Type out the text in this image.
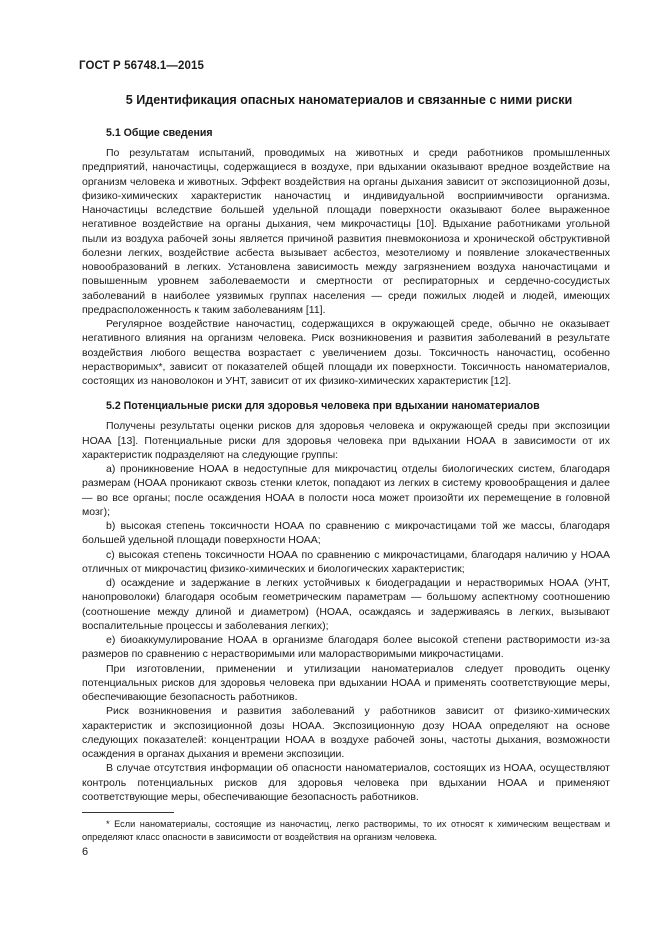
ГОСТ Р 56748.1—2015
5 Идентификация опасных наноматериалов и связанные с ними риски
5.1 Общие сведения

По результатам испытаний, проводимых на животных и среди работников промышленных предприятий, наночастицы, содержащиеся в воздухе, при вдыхании оказывают вредное воздействие на организм человека и животных. Эффект воздействия на органы дыхания зависит от экспозиционной дозы, физико-химических характеристик наночастиц и индивидуальной восприимчивости организма. Наночастицы вследствие большей удельной площади поверхности оказывают более выраженное негативное воздействие на органы дыхания, чем микрочастицы [10]. Вдыхание работниками угольной пыли из воздуха рабочей зоны является причиной развития пневмокониоза и хронической обструктивной болезни легких, воздействие асбеста вызывает асбестоз, мезотелиому и появление злокачественных новообразований в легких. Установлена зависимость между загрязнением воздуха наночастицами и повышенным уровнем заболеваемости и смертности от респираторных и сердечно-сосудистых заболеваний в наиболее уязвимых группах населения — среди пожилых людей и людей, имеющих предрасположенность к таким заболеваниям [11].

Регулярное воздействие наночастиц, содержащихся в окружающей среде, обычно не оказывает негативного влияния на организм человека. Риск возникновения и развития заболеваний в результате воздействия любого вещества возрастает с увеличением дозы. Токсичность наночастиц, особенно нерастворимых*, зависит от показателей общей площади их поверхности. Токсичность наноматериалов, состоящих из нановолокон и УНТ, зависит от их физико-химических характеристик [12].

5.2 Потенциальные риски для здоровья человека при вдыхании наноматериалов

Получены результаты оценки рисков для здоровья человека и окружающей среды при экспозиции НОАА [13]. Потенциальные риски для здоровья человека при вдыхании НОАА в зависимости от их характеристик подразделяют на следующие группы:

a) проникновение НОАА в недоступные для микрочастиц отделы биологических систем, благодаря размерам (НОАА проникают сквозь стенки клеток, попадают из легких в систему кровообращения и далее — во все органы; после осаждения НОАА в полости носа может произойти их перемещение в головной мозг);

b) высокая степень токсичности НОАА по сравнению с микрочастицами той же массы, благодаря большей удельной площади поверхности НОАА;

c) высокая степень токсичности НОАА по сравнению с микрочастицами, благодаря наличию у НОАА отличных от микрочастиц физико-химических и биологических характеристик;

d) осаждение и задержание в легких устойчивых к биодеградации и нерастворимых НОАА (УНТ, нанопроволоки) благодаря особым геометрическим параметрам — большому аспектному соотношению (соотношение между длиной и диаметром) (НОАА, осаждаясь и задерживаясь в легких, вызывают воспалительные процессы и заболевания легких);

e) биоаккумулирование НОАА в организме благодаря более высокой степени растворимости из-за размеров по сравнению с нерастворимыми или малорастворимыми микрочастицами.

При изготовлении, применении и утилизации наноматериалов следует проводить оценку потенциальных рисков для здоровья человека при вдыхании НОАА и применять соответствующие меры, обеспечивающие безопасность работников.

Риск возникновения и развития заболеваний у работников зависит от физико-химических характеристик и экспозиционной дозы НОАА. Экспозиционную дозу НОАА определяют на основе следующих показателей: концентрации НОАА в воздухе рабочей зоны, частоты дыхания, возможности осаждения в органах дыхания и времени экспозиции.

В случае отсутствия информации об опасности наноматериалов, состоящих из НОАА, осуществляют контроль потенциальных рисков для здоровья человека при вдыхании НОАА и применяют соответствующие меры, обеспечивающие безопасность работников.

* Если наноматериалы, состоящие из наночастиц, легко растворимы, то их относят к химическим веществам и определяют класс опасности в зависимости от воздействия на организм человека.
6
